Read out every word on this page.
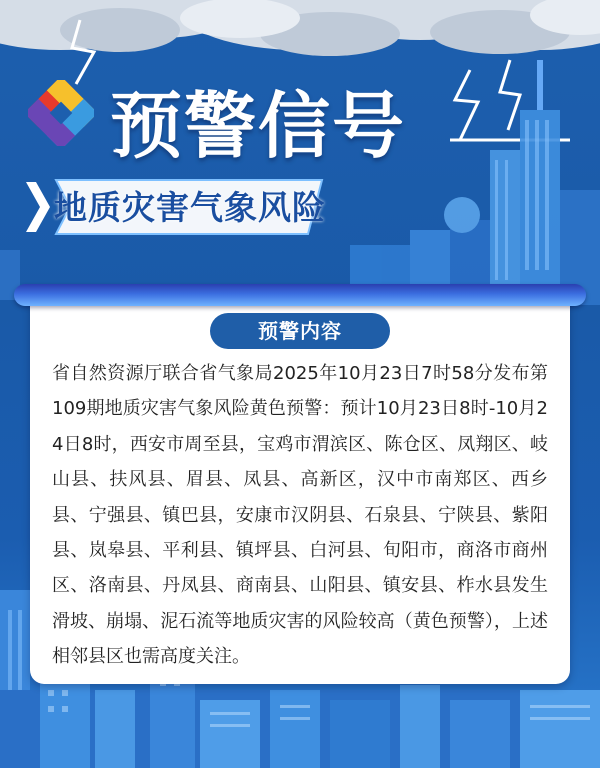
预警信号
地质灾害气象风险
预警内容

省自然资源厅联合省气象局2025年10月23日7时58分发布第109期地质灾害气象风险黄色预警：预计10月23日8时-10月24日8时，西安市周至县，宝鸡市渭滨区、陈仓区、凤翔区、岐山县、扶风县、眉县、凤县、高新区，汉中市南郑区、西乡县、宁强县、镇巴县，安康市汉阴县、石泉县、宁陕县、紫阳县、岚皋县、平利县、镇坪县、白河县、旬阳市，商洛市商州区、洛南县、丹凤县、商南县、山阳县、镇安县、柞水县发生滑坡、崩塌、泥石流等地质灾害的风险较高（黄色预警），上述相邻县区也需高度关注。
